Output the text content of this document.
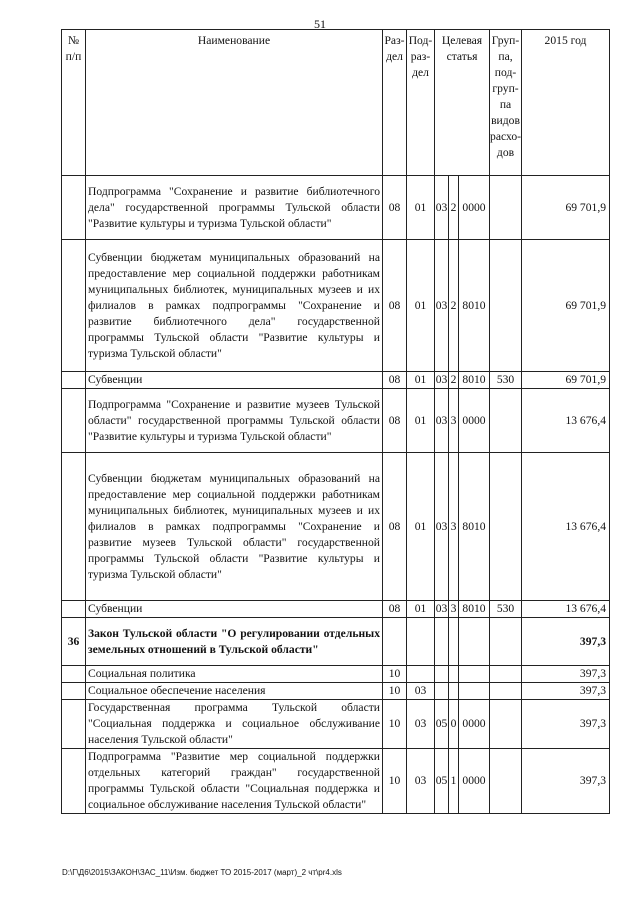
51
№ п/п	Наименование	Раз-дел	Под-раз-дел	Целевая статья			Груп-па, под-груп-па видов расхо-дов	2015 год
	Подпрограмма "Сохранение и развитие библиотечного дела" государственной программы Тульской области "Развитие культуры и туризма Тульской области"	08	01	03	2	0000		69 701,9
	Субвенции бюджетам муниципальных образований на предоставление мер социальной поддержки работникам муниципальных библиотек, муниципальных музеев и их филиалов в рамках подпрограммы "Сохранение и развитие библиотечного дела" государственной программы Тульской области "Развитие культуры и туризма Тульской области"	08	01	03	2	8010		69 701,9
	Субвенции	08	01	03	2	8010	530	69 701,9
	Подпрограмма "Сохранение и развитие музеев Тульской области" государственной программы Тульской области "Развитие культуры и туризма Тульской области"	08	01	03	3	0000		13 676,4
	Субвенции бюджетам муниципальных образований на предоставление мер социальной поддержки работникам муниципальных библиотек, муниципальных музеев и их филиалов в рамках подпрограммы "Сохранение и развитие музеев Тульской области" государственной программы Тульской области "Развитие культуры и туризма Тульской области"	08	01	03	3	8010		13 676,4
	Субвенции	08	01	03	3	8010	530	13 676,4
36	Закон Тульской области "О регулировании отдельных земельных отношений в Тульской области"							397,3
	Социальная политика	10						397,3
	Социальное обеспечение населения	10	03					397,3
	Государственная программа Тульской области "Социальная поддержка и социальное обслуживание населения Тульской области"	10	03	05	0	0000		397,3
	Подпрограмма "Развитие мер социальной поддержки отдельных категорий граждан" государственной программы Тульской области "Социальная поддержка и социальное обслуживание населения Тульской области"	10	03	05	1	0000		397,3
D:\Г\Д6\2015\ЗАКОН\ЗАС_11\Изм. бюджет ТО 2015-2017 (март)_2 чт\pr4.xls
